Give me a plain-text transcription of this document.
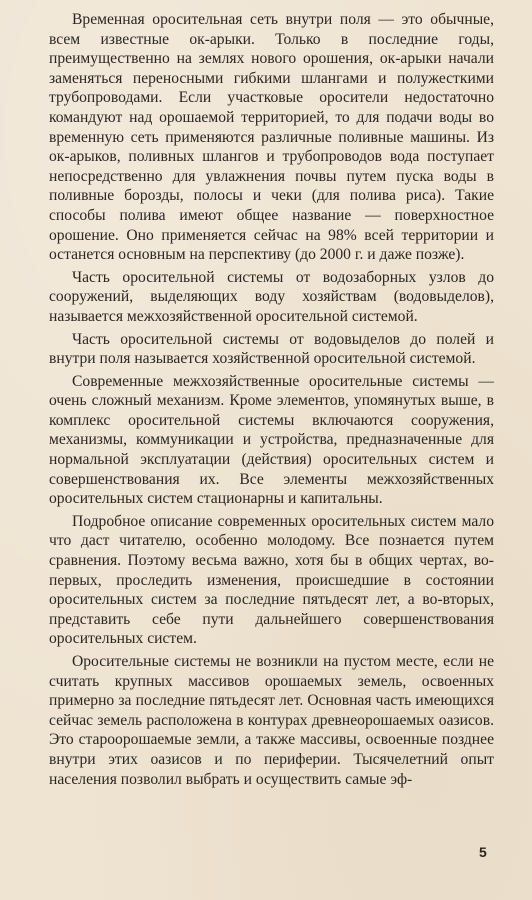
Временная оросительная сеть внутри поля — это обычные, всем известные ок-арыки. Только в последние годы, преимущественно на землях нового орошения, ок-арыки начали заменяться переносными гибкими шлангами и полужесткими трубопроводами. Если участковые оросители недостаточно командуют над орошаемой территорией, то для подачи воды во временную сеть применяются различные поливные машины. Из ок-арыков, поливных шлангов и трубопроводов вода поступает непосредственно для увлажнения почвы путем пуска воды в поливные борозды, полосы и чеки (для полива риса). Такие способы полива имеют общее название — поверхностное орошение. Оно применяется сейчас на 98% всей территории и останется основным на перспективу (до 2000 г. и даже позже).

Часть оросительной системы от водозаборных узлов до сооружений, выделяющих воду хозяйствам (водовыделов), называется межхозяйственной оросительной системой.

Часть оросительной системы от водовыделов до полей и внутри поля называется хозяйственной оросительной системой.

Современные межхозяйственные оросительные системы — очень сложный механизм. Кроме элементов, упомянутых выше, в комплекс оросительной системы включаются сооружения, механизмы, коммуникации и устройства, предназначенные для нормальной эксплуатации (действия) оросительных систем и совершенствования их. Все элементы межхозяйственных оросительных систем стационарны и капитальны.

Подробное описание современных оросительных систем мало что даст читателю, особенно молодому. Все познается путем сравнения. Поэтому весьма важно, хотя бы в общих чертах, во-первых, проследить изменения, происшедшие в состоянии оросительных систем за последние пятьдесят лет, а во-вторых, представить себе пути дальнейшего совершенствования оросительных систем.

Оросительные системы не возникли на пустом месте, если не считать крупных массивов орошаемых земель, освоенных примерно за последние пятьдесят лет. Основная часть имеющихся сейчас земель расположена в контурах древнеорошаемых оазисов. Это староорошаемые земли, а также массивы, освоенные позднее внутри этих оазисов и по периферии. Тысячелетний опыт населения позволил выбрать и осуществить самые эф-

5
